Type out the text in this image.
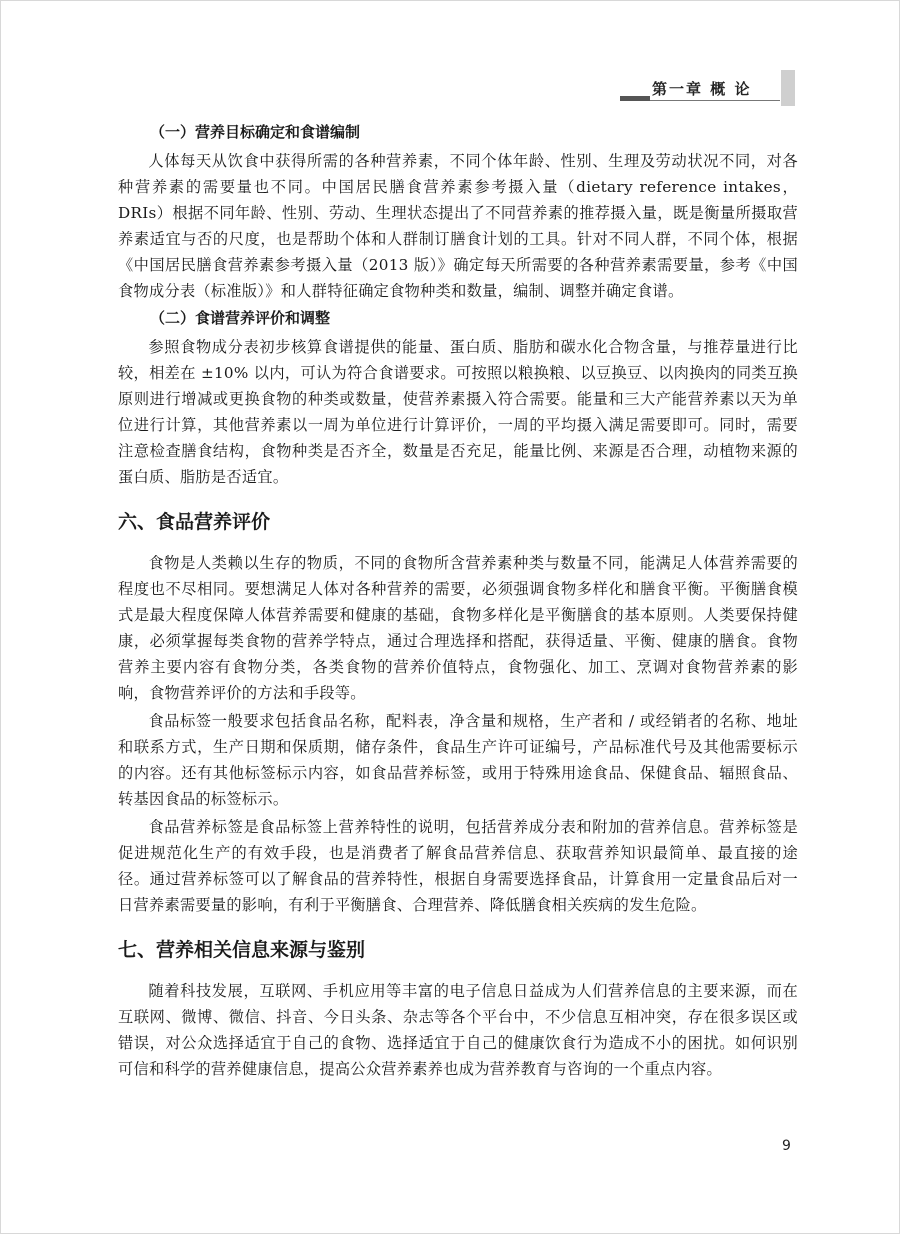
第一章 概 论
（一）营养目标确定和食谱编制

人体每天从饮食中获得所需的各种营养素，不同个体年龄、性别、生理及劳动状况不同，对各种营养素的需要量也不同。中国居民膳食营养素参考摄入量（dietary reference intakes，DRIs）根据不同年龄、性别、劳动、生理状态提出了不同营养素的推荐摄入量，既是衡量所摄取营养素适宜与否的尺度，也是帮助个体和人群制订膳食计划的工具。针对不同人群，不同个体，根据《中国居民膳食营养素参考摄入量（2013 版）》确定每天所需要的各种营养素需要量，参考《中国食物成分表（标准版）》和人群特征确定食物种类和数量，编制、调整并确定食谱。

（二）食谱营养评价和调整

参照食物成分表初步核算食谱提供的能量、蛋白质、脂肪和碳水化合物含量，与推荐量进行比较，相差在 ±10% 以内，可认为符合食谱要求。可按照以粮换粮、以豆换豆、以肉换肉的同类互换原则进行增减或更换食物的种类或数量，使营养素摄入符合需要。能量和三大产能营养素以天为单位进行计算，其他营养素以一周为单位进行计算评价，一周的平均摄入满足需要即可。同时，需要注意检查膳食结构，食物种类是否齐全，数量是否充足，能量比例、来源是否合理，动植物来源的蛋白质、脂肪是否适宜。

六、食品营养评价

食物是人类赖以生存的物质，不同的食物所含营养素种类与数量不同，能满足人体营养需要的程度也不尽相同。要想满足人体对各种营养的需要，必须强调食物多样化和膳食平衡。平衡膳食模式是最大程度保障人体营养需要和健康的基础，食物多样化是平衡膳食的基本原则。人类要保持健康，必须掌握每类食物的营养学特点，通过合理选择和搭配，获得适量、平衡、健康的膳食。食物营养主要内容有食物分类，各类食物的营养价值特点，食物强化、加工、烹调对食物营养素的影响，食物营养评价的方法和手段等。

食品标签一般要求包括食品名称，配料表，净含量和规格，生产者和 / 或经销者的名称、地址和联系方式，生产日期和保质期，储存条件，食品生产许可证编号，产品标准代号及其他需要标示的内容。还有其他标签标示内容，如食品营养标签，或用于特殊用途食品、保健食品、辐照食品、转基因食品的标签标示。

食品营养标签是食品标签上营养特性的说明，包括营养成分表和附加的营养信息。营养标签是促进规范化生产的有效手段，也是消费者了解食品营养信息、获取营养知识最简单、最直接的途径。通过营养标签可以了解食品的营养特性，根据自身需要选择食品，计算食用一定量食品后对一日营养素需要量的影响，有利于平衡膳食、合理营养、降低膳食相关疾病的发生危险。

七、营养相关信息来源与鉴别

随着科技发展，互联网、手机应用等丰富的电子信息日益成为人们营养信息的主要来源，而在互联网、微博、微信、抖音、今日头条、杂志等各个平台中，不少信息互相冲突，存在很多误区或错误，对公众选择适宜于自己的食物、选择适宜于自己的健康饮食行为造成不小的困扰。如何识别可信和科学的营养健康信息，提高公众营养素养也成为营养教育与咨询的一个重点内容。

9
